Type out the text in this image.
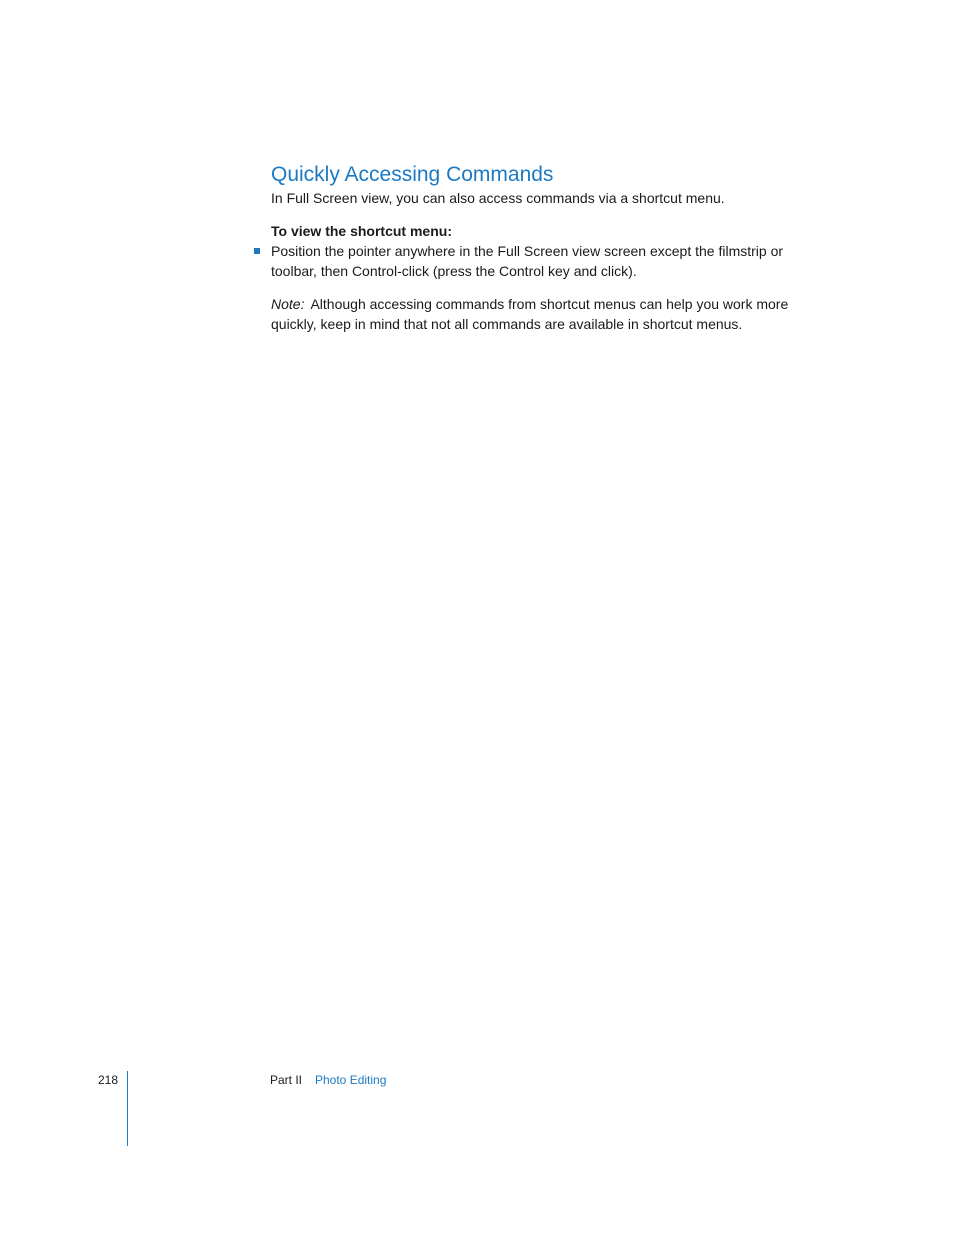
Quickly Accessing Commands

In Full Screen view, you can also access commands via a shortcut menu.

To view the shortcut menu:

Position the pointer anywhere in the Full Screen view screen except the filmstrip or toolbar, then Control-click (press the Control key and click).

Note: Although accessing commands from shortcut menus can help you work more quickly, keep in mind that not all commands are available in shortcut menus.

218	Part II Photo Editing
